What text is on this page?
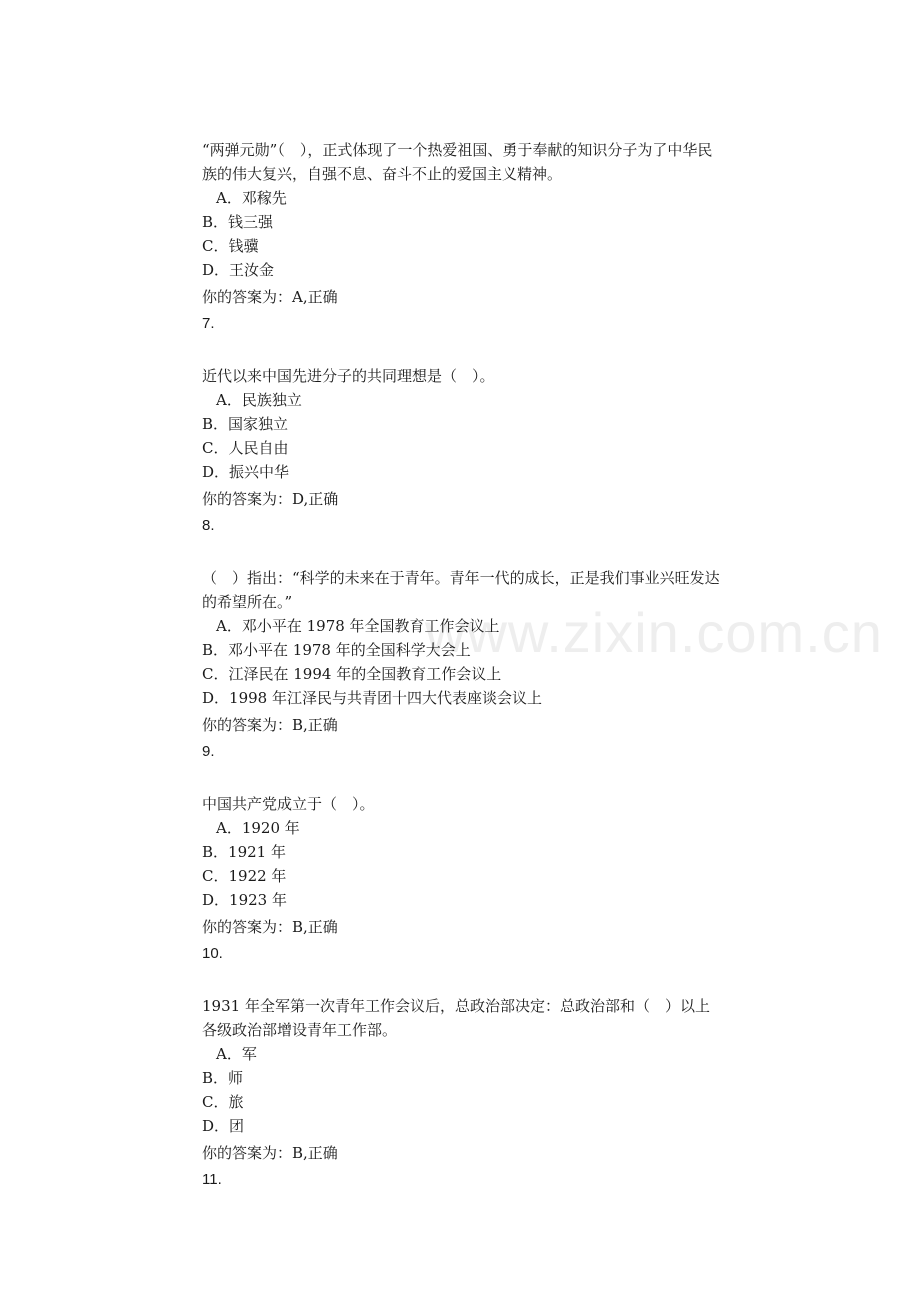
www.zixin.com.cn

“两弹元勋”（　），正式体现了一个热爱祖国、勇于奉献的知识分子为了中华民族的伟大复兴，自强不息、奋斗不止的爱国主义精神。

A．邓稼先
B．钱三强
C．钱骥
D．王汝金
你的答案为：A,正确
7.

近代以来中国先进分子的共同理想是（　）。

A．民族独立
B．国家独立
C．人民自由
D．振兴中华
你的答案为：D,正确
8.

（　）指出：“科学的未来在于青年。青年一代的成长，正是我们事业兴旺发达的希望所在。”

A．邓小平在 1978 年全国教育工作会议上
B．邓小平在 1978 年的全国科学大会上
C．江泽民在 1994 年的全国教育工作会议上
D．1998 年江泽民与共青团十四大代表座谈会议上
你的答案为：B,正确
9.

中国共产党成立于（　）。

A．1920 年
B．1921 年
C．1922 年
D．1923 年
你的答案为：B,正确
10.

1931 年全军第一次青年工作会议后，总政治部决定：总政治部和（　）以上各级政治部增设青年工作部。

A．军
B．师
C．旅
D．团
你的答案为：B,正确
11.
